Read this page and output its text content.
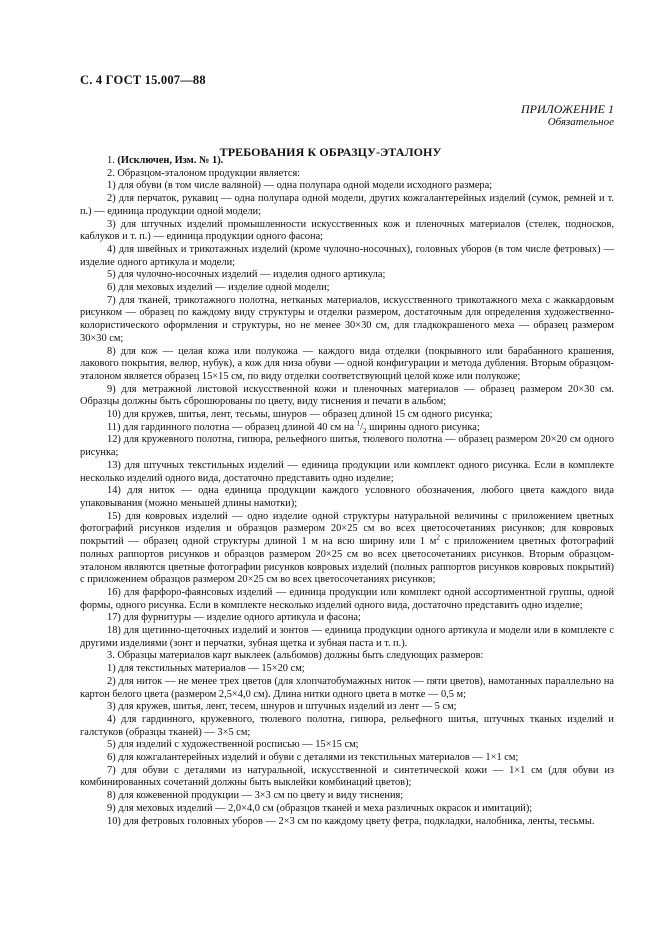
С. 4 ГОСТ 15.007—88
ПРИЛОЖЕНИЕ 1
Обязательное
ТРЕБОВАНИЯ К ОБРАЗЦУ-ЭТАЛОНУ

1. (Исключен, Изм. № 1).

2. Образцом-эталоном продукции является:

1) для обуви (в том числе валяной) — одна полупара одной модели исходного размера;

2) для перчаток, рукавиц — одна полупара одной модели, других кожгалантерейных изделий (сумок, ремней и т. п.) — единица продукции одной модели;

3) для штучных изделий промышленности искусственных кож и пленочных материалов (стелек, подносков, каблуков и т. п.) — единица продукции одного фасона;

4) для швейных и трикотажных изделий (кроме чулочно-носочных), головных уборов (в том числе фетровых) — изделие одного артикула и модели;

5) для чулочно-носочных изделий — изделия одного артикула;

6) для меховых изделий — изделие одной модели;

7) для тканей, трикотажного полотна, нетканых материалов, искусственного трикотажного меха с жаккардовым рисунком — образец по каждому виду структуры и отделки размером, достаточным для определения художественно-колористического оформления и структуры, но не менее 30×30 см, для гладкокрашеного меха — образец размером 30×30 см;

8) для кож — целая кожа или полукожа — каждого вида отделки (покрывного или барабанного крашения, лакового покрытия, велюр, нубук), а кож для низа обуви — одной конфигурации и метода дубления. Вторым образцом-эталоном является образец 15×15 см, по виду отделки соответствующий целой коже или полукоже;

9) для метражной листовой искусственной кожи и пленочных материалов — образец размером 20×30 см. Образцы должны быть сброшюрованы по цвету, виду тиснения и печати в альбом;

10) для кружев, шитья, лент, тесьмы, шнуров — образец длиной 15 см одного рисунка;

11) для гардинного полотна — образец длиной 40 см на $^1/_2$ ширины одного рисунка;

12) для кружевного полотна, гипюра, рельефного шитья, тюлевого полотна — образец размером 20×20 см одного рисунка;

13) для штучных текстильных изделий — единица продукции или комплект одного рисунка. Если в комплекте несколько изделий одного вида, достаточно представить одно изделие;

14) для ниток — одна единица продукции каждого условного обозначения, любого цвета каждого вида упаковывания (можно меньшей длины намотки);

15) для ковровых изделий — одно изделие одной структуры натуральной величины с приложением цветных фотографий рисунков изделия и образцов размером 20×25 см во всех цветосочетаниях рисунков; для ковровых покрытий — образец одной структуры длиной 1 м на всю ширину или 1 $м^2$ с приложением цветных фотографий полных раппортов рисунков и образцов размером 20×25 см во всех цветосочетаниях рисунков. Вторым образцом-эталоном являются цветные фотографии рисунков ковровых изделий (полных раппортов рисунков ковровых покрытий) с приложением образцов размером 20×25 см во всех цветосочетаниях рисунков;

16) для фарфоро-фаянсовых изделий — единица продукции или комплект одной ассортиментной группы, одной формы, одного рисунка. Если в комплекте несколько изделий одного вида, достаточно представить одно изделие;

17) для фурнитуры — изделие одного артикула и фасона;

18) для щетинно-щеточных изделий и зонтов — единица продукции одного артикула и модели или в комплекте с другими изделиями (зонт и перчатки, зубная щетка и зубная паста и т. п.).

3. Образцы материалов карт выклеек (альбомов) должны быть следующих размеров:

1) для текстильных материалов — 15×20 см;

2) для ниток — не менее трех цветов (для хлопчатобумажных ниток — пяти цветов), намотанных параллельно на картон белого цвета (размером 2,5×4,0 см). Длина нитки одного цвета в мотке — 0,5 м;

3) для кружев, шитья, лент, тесем, шнуров и штучных изделий из лент — 5 см;

4) для гардинного, кружевного, тюлевого полотна, гипюра, рельефного шитья, штучных тканых изделий и галстуков (образцы тканей) — 3×5 см;

5) для изделий с художественной росписью — 15×15 см;

6) для кожгалантерейных изделий и обуви с деталями из текстильных материалов — 1×1 см;

7) для обуви с деталями из натуральной, искусственной и синтетической кожи — 1×1 см (для обуви из комбинированных сочетаний должны быть выклейки комбинаций цветов);

8) для кожевенной продукции — 3×3 см по цвету и виду тиснения;

9) для меховых изделий — 2,0×4,0 см (образцов тканей и меха различных окрасок и имитаций);

10) для фетровых головных уборов — 2×3 см по каждому цвету фетра, подкладки, налобника, ленты, тесьмы.
